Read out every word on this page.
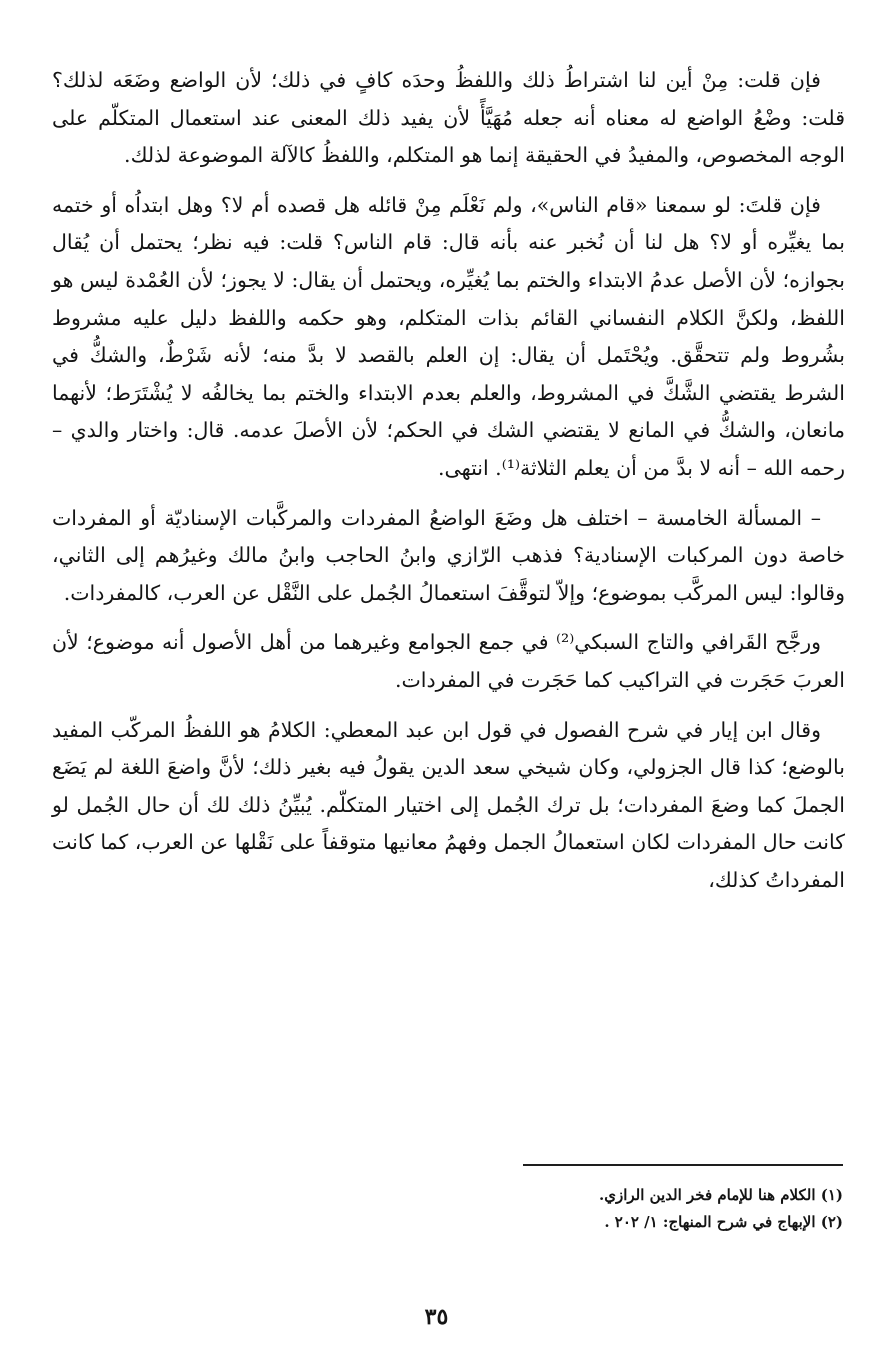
فإن قلت: مِنْ أين لنا اشتراطُ ذلك واللفظُ وحدَه كافٍ في ذلك؛ لأن الواضع وضَعَه لذلك؟ قلت: وضْعُ الواضع له معناه أنه جعله مُهَيَّأً لأن يفيد ذلك المعنى عند استعمال المتكلّم على الوجه المخصوص، والمفيدُ في الحقيقة إنما هو المتكلم، واللفظُ كالآلة الموضوعة لذلك.

فإن قلتَ: لو سمعنا «قام الناس»، ولم نَعْلَم مِنْ قائله هل قصده أم لا؟ وهل ابتداُه أو ختمه بما يغيِّره أو لا؟ هل لنا أن نُخبر عنه بأنه قال: قام الناس؟ قلت: فيه نظر؛ يحتمل أن يُقال بجوازه؛ لأن الأصل عدمُ الابتداء والختم بما يُغيِّره، ويحتمل أن يقال: لا يجوز؛ لأن العُمْدة ليس هو اللفظ، ولكنَّ الكلام النفساني القائم بذات المتكلم، وهو حكمه واللفظ دليل عليه مشروط بشُروط ولم تتحقَّق. ويُحْتَمل أن يقال: إن العلم بالقصد لا بدَّ منه؛ لأنه شَرْطٌ، والشكُّ في الشرط يقتضي الشَّكَّ في المشروط، والعلم بعدم الابتداء والختم بما يخالفُه لا يُشْتَرَط؛ لأنهما مانعان، والشكُّ في المانع لا يقتضي الشك في الحكم؛ لأن الأصلَ عدمه. قال: واختار والدي – رحمه الله – أنه لا بدَّ من أن يعلم الثلاثة⁽¹⁾. انتهى.

– المسألة الخامسة – اختلف هل وضَعَ الواضعُ المفردات والمركَّبات الإسناديّة أو المفردات خاصة دون المركبات الإسنادية؟ فذهب الرّازي وابنُ الحاجب وابنُ مالك وغيرُهم إلى الثاني، وقالوا: ليس المركَّب بموضوع؛ وإلاّ لتوقَّفَ استعمالُ الجُمل على النَّقْل عن العرب، كالمفردات.

ورجَّح القَرافي والتاج السبكي⁽²⁾ في جمع الجوامع وغيرهما من أهل الأصول أنه موضوع؛ لأن العربَ حَجَرت في التراكيب كما حَجَرت في المفردات.

وقال ابن إيار في شرح الفصول في قول ابن عبد المعطي: الكلامُ هو اللفظُ المركّب المفيد بالوضع؛ كذا قال الجزولي، وكان شيخي سعد الدين يقولُ فيه بغير ذلك؛ لأنَّ واضعَ اللغة لم يَضَع الجملَ كما وضعَ المفردات؛ بل ترك الجُمل إلى اختيار المتكلّم. يُبيِّنُ ذلك لك أن حال الجُمل لو كانت حال المفردات لكان استعمالُ الجمل وفهمُ معانيها متوقفاً على نَقْلها عن العرب، كما كانت المفرداتُ كذلك،

(١) الكلام هنا للإمام فخر الدين الرازي.

(٢) الإبهاج في شرح المنهاج: ١/ ٢٠٢ .

٣٥
